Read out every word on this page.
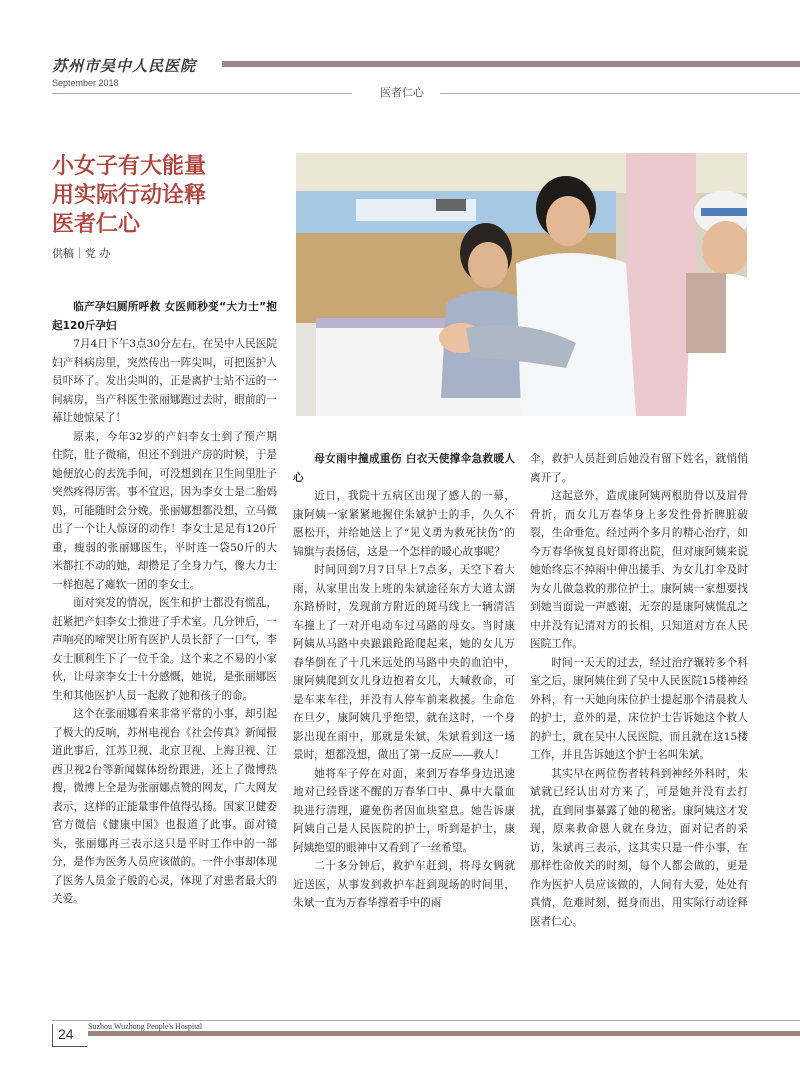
苏州市吴中人民医院
September 2018
医者仁心
小女子有大能量
用实际行动诠释
医者仁心
供稿｜党 办

临产孕妇厕所呼救 女医师秒变“大力士”抱起120斤孕妇

7月4日下午3点30分左右，在吴中人民医院妇产科病房里，突然传出一阵尖叫，可把医护人员吓坏了。发出尖叫的，正是离护士站不远的一间病房，当产科医生张丽娜跑过去时，眼前的一幕让她惊呆了！

原来，今年32岁的产妇李女士到了预产期住院，肚子微痛，但还不到进产房的时候，于是她便放心的去洗手间，可没想到在卫生间里肚子突然疼得厉害。事不宜迟，因为李女士是二胎妈妈，可能随时会分娩。张丽娜想都没想，立马做出了一个让人惊讶的动作！李女士足足有120斤重，瘦弱的张丽娜医生，平时连一袋50斤的大米都扛不动的她，却攒足了全身力气，像大力士一样抱起了瘫软一团的李女士。

面对突发的情况，医生和护士都没有慌乱，赶紧把产妇李女士推进了手术室。几分钟后，一声响亮的啼哭让所有医护人员长舒了一口气，李女士顺利生下了一位千金。这个来之不易的小家伙，让母亲李女士十分感慨，她说，是张丽娜医生和其他医护人员一起救了她和孩子的命。

这个在张丽娜看来非常平常的小事，却引起了极大的反响，苏州电视台《社会传真》新闻报道此事后，江苏卫视、北京卫视、上海卫视、江西卫视2台等新闻媒体纷纷跟进，还上了微博热搜，微博上全是为张丽娜点赞的网友，广大网友表示，这样的正能量事件值得弘扬。国家卫健委官方微信《健康中国》也报道了此事。面对镜头，张丽娜再三表示这只是平时工作中的一部分，是作为医务人员应该做的。一件小事却体现了医务人员金子般的心灵，体现了对患者最大的关爱。

母女雨中撞成重伤 白衣天使撑伞急救暖人心

近日，我院十五病区出现了感人的一幕，康阿姨一家紧紧地握住朱斌护士的手，久久不愿松开，并给她送上了“见义勇为救死扶伤”的锦旗与表扬信，这是一个怎样的暖心故事呢？

时间回到7月7日早上7点多，天空下着大雨，从家里出发上班的朱斌途径东方大道太湖东路桥时，发现前方附近的斑马线上一辆清洁车撞上了一对开电动车过马路的母女。当时康阿姨从马路中央踉踉跄跄爬起来，她的女儿万春华倒在了十几米远处的马路中央的血泊中，康阿姨爬到女儿身边抱着女儿，大喊救命，可是车来车往，并没有人停车前来救援。生命危在旦夕，康阿姨几乎绝望，就在这时，一个身影出现在雨中，那就是朱斌，朱斌看到这一场景时，想都没想，做出了第一反应——救人！

她将车子停在对面，来到万春华身边迅速地对已经昏迷不醒的万春华口中、鼻中大量血块进行清理，避免伤者因血块窒息。她告诉康阿姨自己是人民医院的护士，听到是护士，康阿姨绝望的眼神中又看到了一丝希望。

二十多分钟后，救护车赶到，将母女俩就近送医，从事发到救护车赶到现场的时间里，朱斌一直为万春华撑着手中的雨

伞，救护人员赶到后她没有留下姓名，就悄悄离开了。

这起意外，造成康阿姨两根肋骨以及眉骨骨折，而女儿万春华身上多发性骨折脾脏破裂，生命垂危。经过两个多月的精心治疗，如今万春华恢复良好即将出院，但对康阿姨来说她始终忘不掉雨中伸出援手、为女儿打伞及时为女儿做急救的那位护士。康阿姨一家想要找到她当面说一声感谢，无奈的是康阿姨慌乱之中并没有记清对方的长相，只知道对方在人民医院工作。

时间一天天的过去，经过治疗辗转多个科室之后，康阿姨住到了吴中人民医院15楼神经外科，有一天她向床位护士提起那个清晨救人的护士，意外的是，床位护士告诉她这个救人的护士，就在吴中人民医院，而且就在这15楼工作，并且告诉她这个护士名叫朱斌。

其实早在两位伤者转科到神经外科时，朱斌就已经认出对方来了，可是她并没有去打扰，直到同事暴露了她的秘密。康阿姨这才发现，原来救命恩人就在身边，面对记者的采访，朱斌再三表示，这其实只是一件小事，在那样性命攸关的时刻，每个人都会做的，更是作为医护人员应该做的，人间有大爱，处处有真情，危难时刻，挺身而出，用实际行动诠释医者仁心。

24 Suzhou Wuzhong People's Hospital
